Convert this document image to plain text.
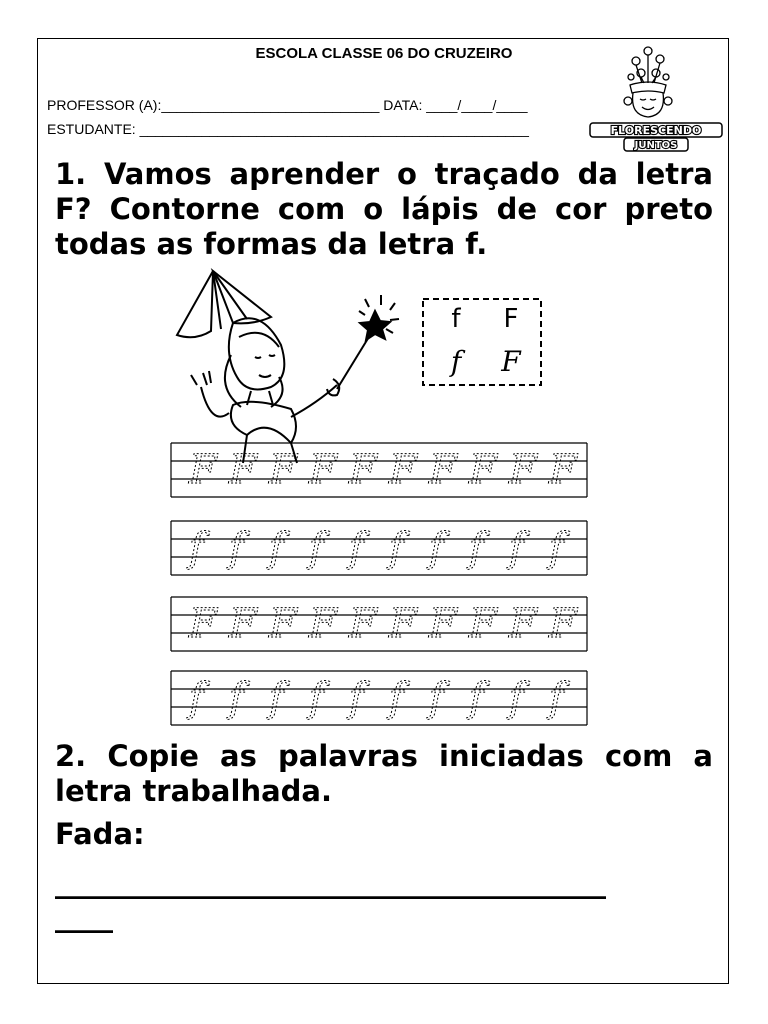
ESCOLA CLASSE 06 DO CRUZEIRO
PROFESSOR (A):____________________________ DATA: ____/____/____
ESTUDANTE: __________________________________________________	FLORESCENDO
JUNTOS
1. Vamos aprender o traçado da letra F? Contorne com o lápis de cor preto todas as formas da letra f.
f F
f F
F F F F F F F F F F
f f f f f f f f f f
F F F F F F F F F F
f f f f f f f f f f
2. Copie as palavras iniciadas com a letra trabalhada.
Fada:
______________________________________
____
